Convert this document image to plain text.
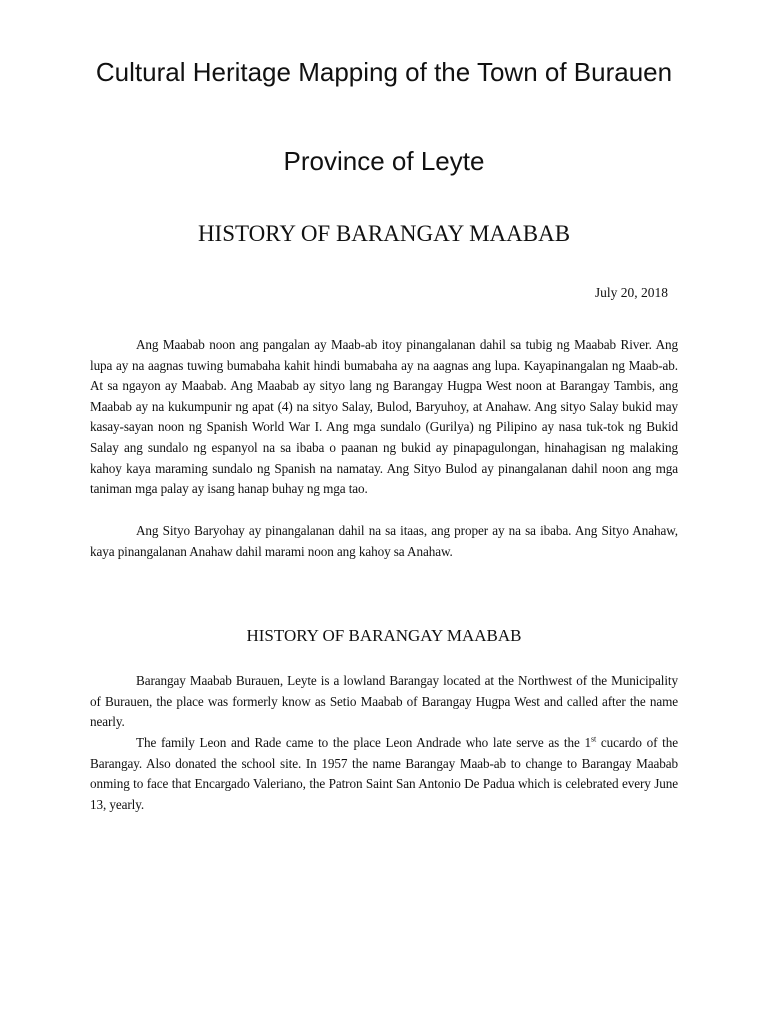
Cultural Heritage Mapping of the Town of Burauen
Province of Leyte
HISTORY OF BARANGAY MAABAB
July 20, 2018

Ang Maabab noon ang pangalan ay Maab-ab itoy pinangalanan dahil sa tubig ng Maabab River. Ang lupa ay na aagnas tuwing bumabaha kahit hindi bumabaha ay na aagnas ang lupa. Kayapinangalan ng Maab-ab. At sa ngayon ay Maabab. Ang Maabab ay sityo lang ng Barangay Hugpa West noon at Barangay Tambis, ang Maabab ay na kukumpunir ng apat (4) na sityo Salay, Bulod, Baryuhoy, at Anahaw. Ang sityo Salay bukid may kasay-sayan noon ng Spanish World War I. Ang mga sundalo (Gurilya) ng Pilipino ay nasa tuk-tok ng Bukid Salay ang sundalo ng espanyol na sa ibaba o paanan ng bukid ay pinapagulongan, hinahagisan ng malaking kahoy kaya maraming sundalo ng Spanish na namatay. Ang Sityo Bulod ay pinangalanan dahil noon ang mga taniman mga palay ay isang hanap buhay ng mga tao.

Ang Sityo Baryohay ay pinangalanan dahil na sa itaas, ang proper ay na sa ibaba. Ang Sityo Anahaw, kaya pinangalanan Anahaw dahil marami noon ang kahoy sa Anahaw.

HISTORY OF BARANGAY MAABAB

Barangay Maabab Burauen, Leyte is a lowland Barangay located at the Northwest of the Municipality of Burauen, the place was formerly know as Setio Maabab of Barangay Hugpa West and called after the name nearly.

The family Leon and Rade came to the place Leon Andrade who late serve as the 1st cucardo of the Barangay. Also donated the school site. In 1957 the name Barangay Maab-ab to change to Barangay Maabab onming to face that Encargado Valeriano, the Patron Saint San Antonio De Padua which is celebrated every June 13, yearly.
